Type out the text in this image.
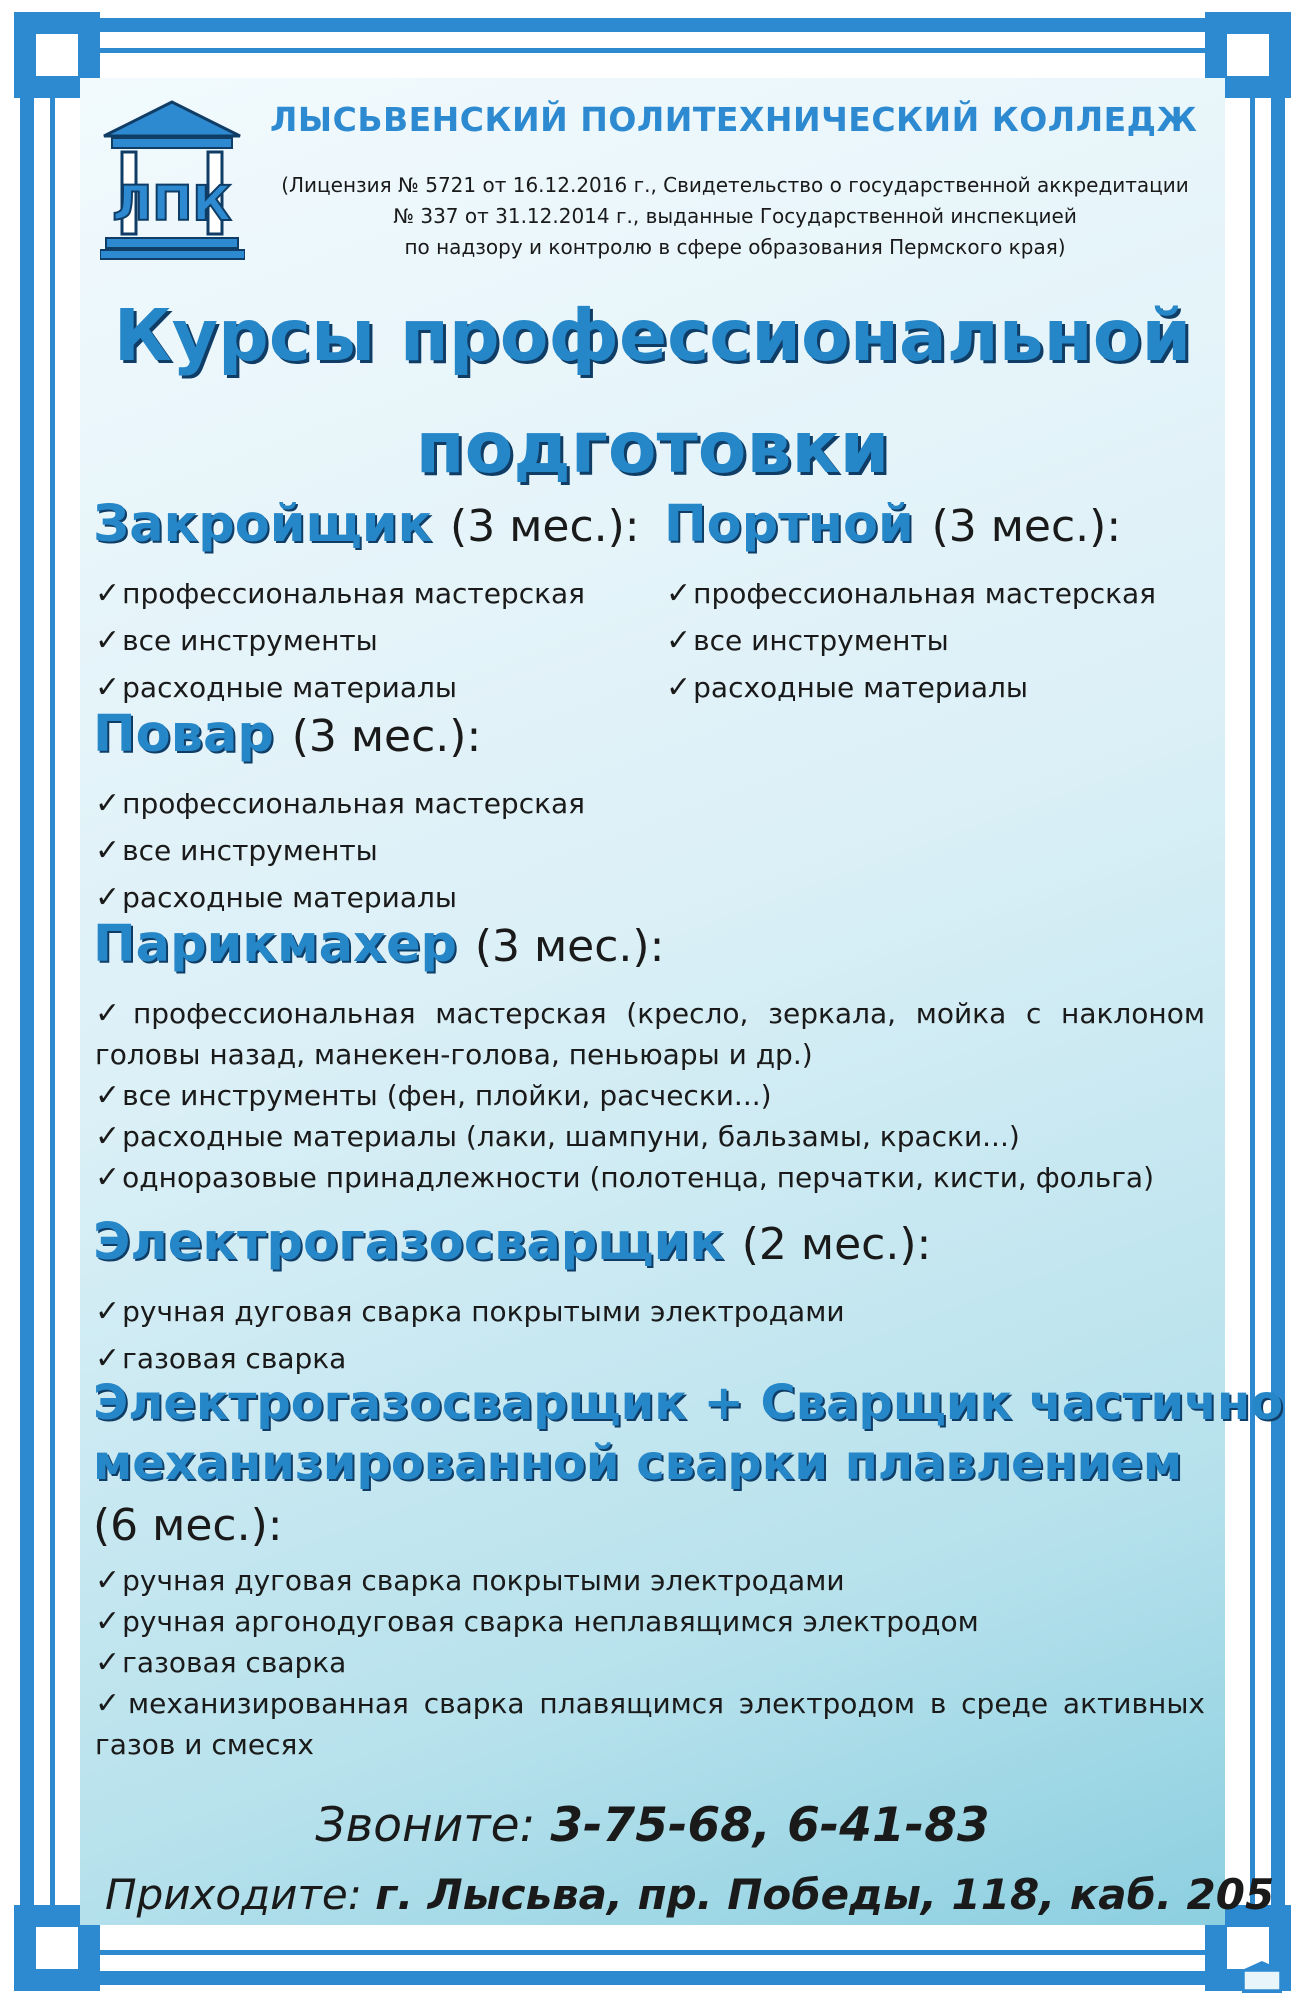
ЛПК
ЛЫСЬВЕНСКИЙ ПОЛИТЕХНИЧЕСКИЙ КОЛЛЕДЖ
(Лицензия № 5721 от 16.12.2016 г., Свидетельство о государственной аккредитации
№ 337 от 31.12.2014 г., выданные Государственной инспекцией
по надзору и контролю в сфере образования Пермского края)
Курсы профессиональной
подготовки
Закройщик (3 мес.):
✓профессиональная мастерская
✓все инструменты
✓расходные материалы
Портной (3 мес.):
✓профессиональная мастерская
✓все инструменты
✓расходные материалы
Повар (3 мес.):
✓профессиональная мастерская
✓все инструменты
✓расходные материалы
Парикмахер (3 мес.):
✓профессиональная мастерская (кресло, зеркала, мойка с наклоном головы назад, манекен-голова, пеньюары и др.)
✓все инструменты (фен, плойки, расчески...)
✓расходные материалы (лаки, шампуни, бальзамы, краски...)
✓одноразовые принадлежности (полотенца, перчатки, кисти, фольга)
Электрогазосварщик (2 мес.):
✓ручная дуговая сварка покрытыми электродами
✓газовая сварка
Электрогазосварщик + Сварщик частично
механизированной сварки плавлением
(6 мес.):
✓ручная дуговая сварка покрытыми электродами
✓ручная аргонодуговая сварка неплавящимся электродом
✓газовая сварка
✓механизированная сварка плавящимся электродом в среде активных газов и смесях
Звоните: 3-75-68, 6-41-83
Приходите: г. Лысьва, пр. Победы, 118, каб. 205
